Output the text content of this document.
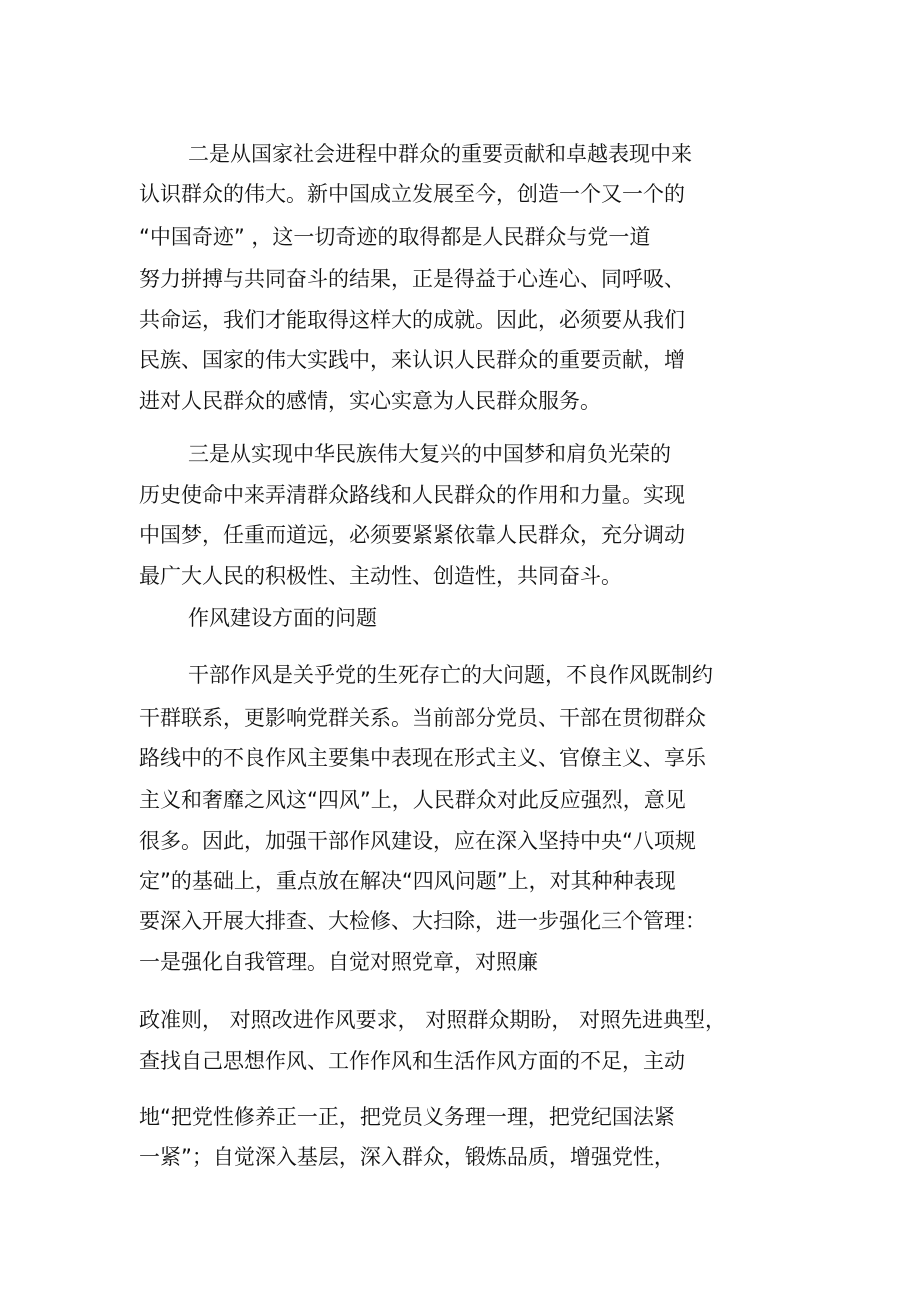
二是从国家社会进程中群众的重要贡献和卓越表现中来
认识群众的伟大。新中国成立发展至今，创造一个又一个的
“中国奇迹” ，这一切奇迹的取得都是人民群众与党一道
努力拼搏与共同奋斗的结果，正是得益于心连心、同呼吸、
共命运，我们才能取得这样大的成就。因此，必须要从我们
民族、国家的伟大实践中，来认识人民群众的重要贡献，增
进对人民群众的感情，实心实意为人民群众服务。
三是从实现中华民族伟大复兴的中国梦和肩负光荣的
历史使命中来弄清群众路线和人民群众的作用和力量。实现
中国梦，任重而道远，必须要紧紧依靠人民群众，充分调动
最广大人民的积极性、主动性、创造性，共同奋斗。
作风建设方面的问题
干部作风是关乎党的生死存亡的大问题，不良作风既制约
干群联系，更影响党群关系。当前部分党员、干部在贯彻群众
路线中的不良作风主要集中表现在形式主义、官僚主义、享乐
主义和奢靡之风这“四风”上，人民群众对此反应强烈，意见
很多。因此，加强干部作风建设，应在深入坚持中央“八项规
定”的基础上，重点放在解决“四风问题”上，对其种种表现
要深入开展大排查、大检修、大扫除，进一步强化三个管理：
一是强化自我管理。自觉对照党章，对照廉
政准则， 对照改进作风要求， 对照群众期盼， 对照先进典型，
查找自己思想作风、工作作风和生活作风方面的不足，主动
地“把党性修养正一正，把党员义务理一理，把党纪国法紧
一紧”；自觉深入基层，深入群众，锻炼品质，增强党性，
